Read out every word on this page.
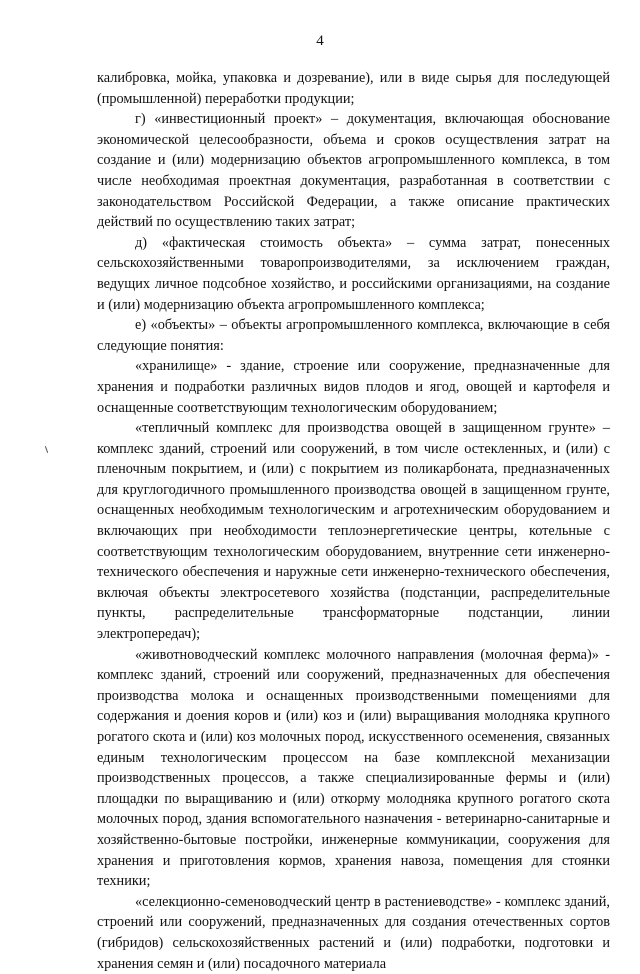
4

калибровка, мойка, упаковка и дозревание), или в виде сырья для последующей (промышленной) переработки продукции;

г) «инвестиционный проект» – документация, включающая обоснование экономической целесообразности, объема и сроков осуществления затрат на создание и (или) модернизацию объектов агропромышленного комплекса, в том числе необходимая проектная документация, разработанная в соответствии с законодательством Российской Федерации, а также описание практических действий по осуществлению таких затрат;

д) «фактическая стоимость объекта» – сумма затрат, понесенных сельскохозяйственными товаропроизводителями, за исключением граждан, ведущих личное подсобное хозяйство, и российскими организациями, на создание и (или) модернизацию объекта агропромышленного комплекса;

е) «объекты» – объекты агропромышленного комплекса, включающие в себя следующие понятия:

«хранилище» - здание, строение или сооружение, предназначенные для хранения и подработки различных видов плодов и ягод, овощей и картофеля и оснащенные соответствующим технологическим оборудованием;

«тепличный комплекс для производства овощей в защищенном грунте» – комплекс зданий, строений или сооружений, в том числе остекленных, и (или) с пленочным покрытием, и (или) с покрытием из поликарбоната, предназначенных для круглогодичного промышленного производства овощей в защищенном грунте, оснащенных необходимым технологическим и агротехническим оборудованием и включающих при необходимости теплоэнергетические центры, котельные с соответствующим технологическим оборудованием, внутренние сети инженерно-технического обеспечения и наружные сети инженерно-технического обеспечения, включая объекты электросетевого хозяйства (подстанции, распределительные пункты, распределительные трансформаторные подстанции, линии электропередач);

«животноводческий комплекс молочного направления (молочная ферма)» - комплекс зданий, строений или сооружений, предназначенных для обеспечения производства молока и оснащенных производственными помещениями для содержания и доения коров и (или) коз и (или) выращивания молодняка крупного рогатого скота и (или) коз молочных пород, искусственного осеменения, связанных единым технологическим процессом на базе комплексной механизации производственных процессов, а также специализированные фермы и (или) площадки по выращиванию и (или) откорму молодняка крупного рогатого скота молочных пород, здания вспомогательного назначения - ветеринарно-санитарные и хозяйственно-бытовые постройки, инженерные коммуникации, сооружения для хранения и приготовления кормов, хранения навоза, помещения для стоянки техники;

«селекционно-семеноводческий центр в растениеводстве» - комплекс зданий, строений или сооружений, предназначенных для создания отечественных сортов (гибридов) сельскохозяйственных растений и (или) подработки, подготовки и хранения семян и (или) посадочного материала
